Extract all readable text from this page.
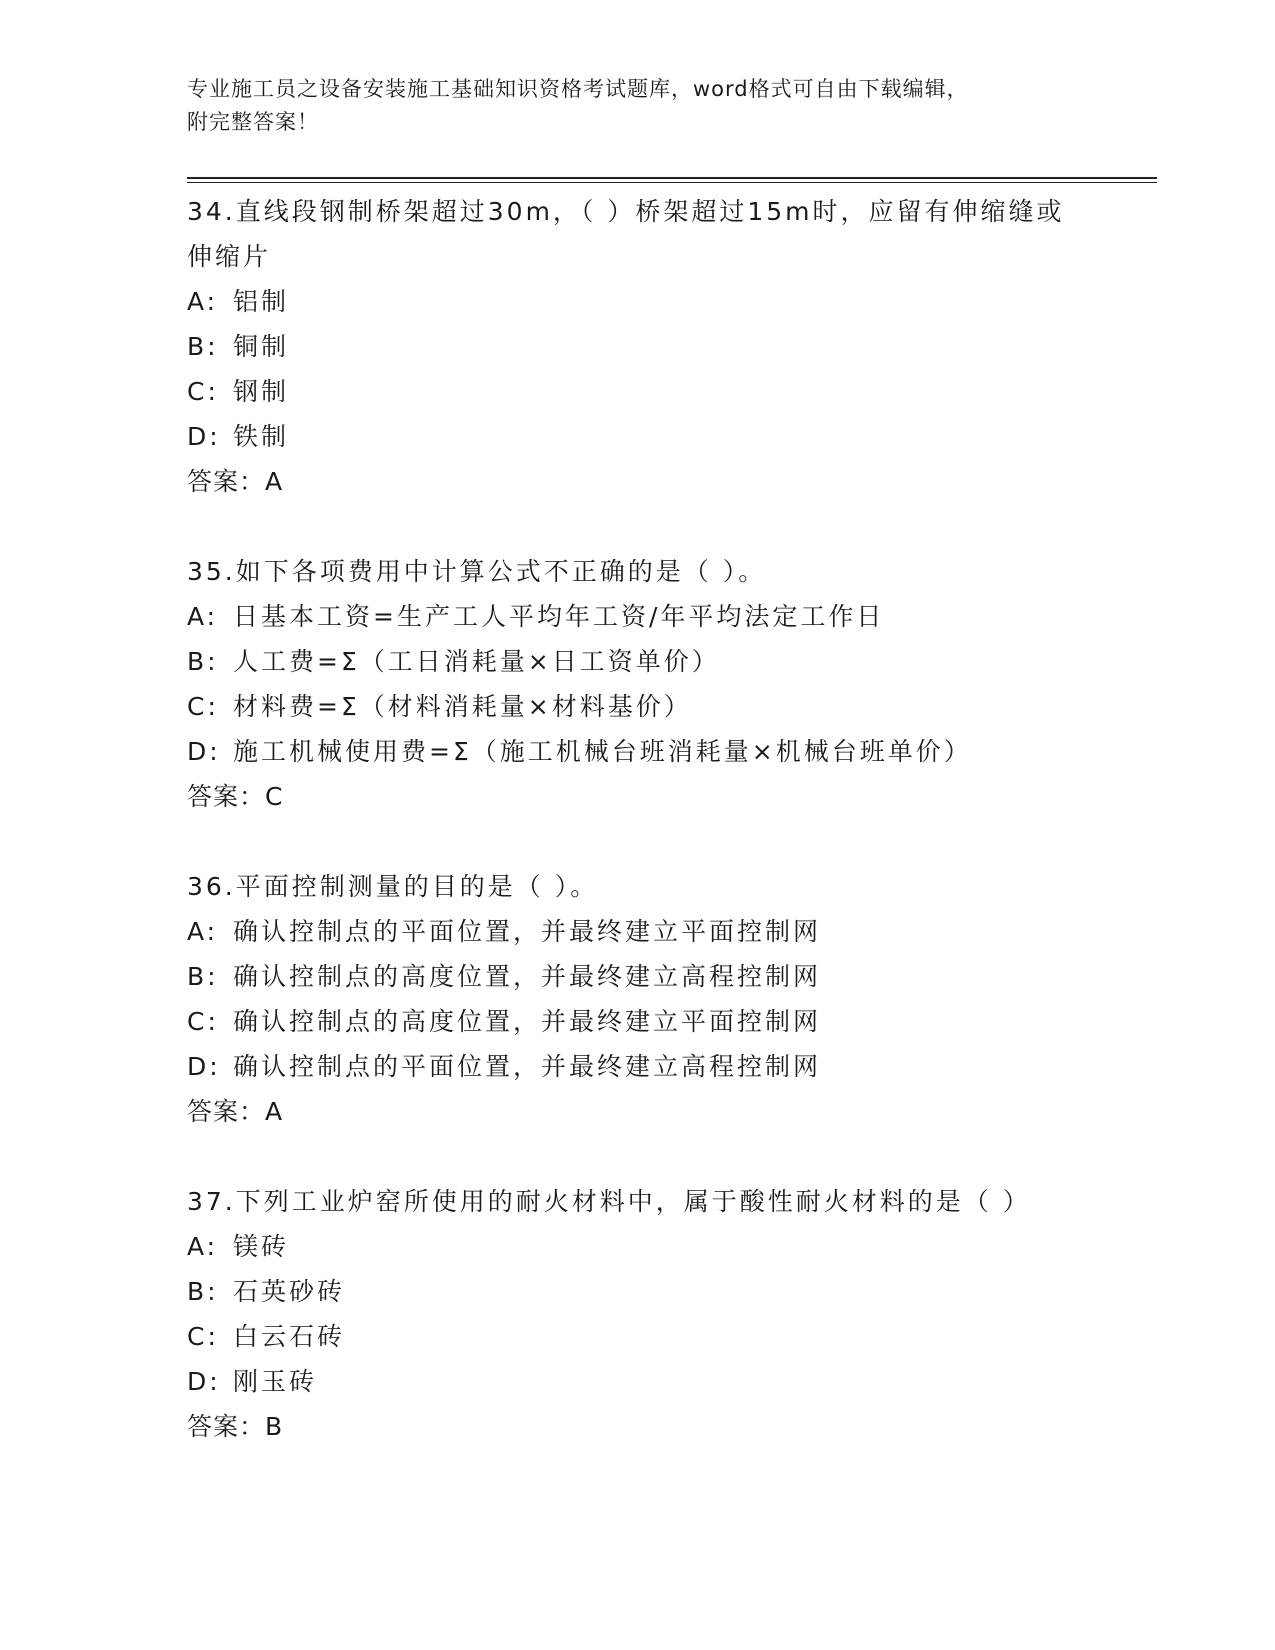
专业施工员之设备安装施工基础知识资格考试题库，word格式可自由下载编辑，
附完整答案！
34.直线段钢制桥架超过30m，（ ）桥架超过15m时，应留有伸缩缝或伸缩片
A: 铝制
B: 铜制
C: 钢制
D: 铁制
答案：A
35.如下各项费用中计算公式不正确的是（ ）。
A: 日基本工资=生产工人平均年工资/年平均法定工作日
B: 人工费=Σ（工日消耗量×日工资单价）
C: 材料费=Σ（材料消耗量×材料基价）
D: 施工机械使用费=Σ（施工机械台班消耗量×机械台班单价）
答案：C
36.平面控制测量的目的是（ ）。
A: 确认控制点的平面位置，并最终建立平面控制网
B: 确认控制点的高度位置，并最终建立高程控制网
C: 确认控制点的高度位置，并最终建立平面控制网
D: 确认控制点的平面位置，并最终建立高程控制网
答案：A
37.下列工业炉窑所使用的耐火材料中，属于酸性耐火材料的是（ ）
A: 镁砖
B: 石英砂砖
C: 白云石砖
D: 刚玉砖
答案：B
